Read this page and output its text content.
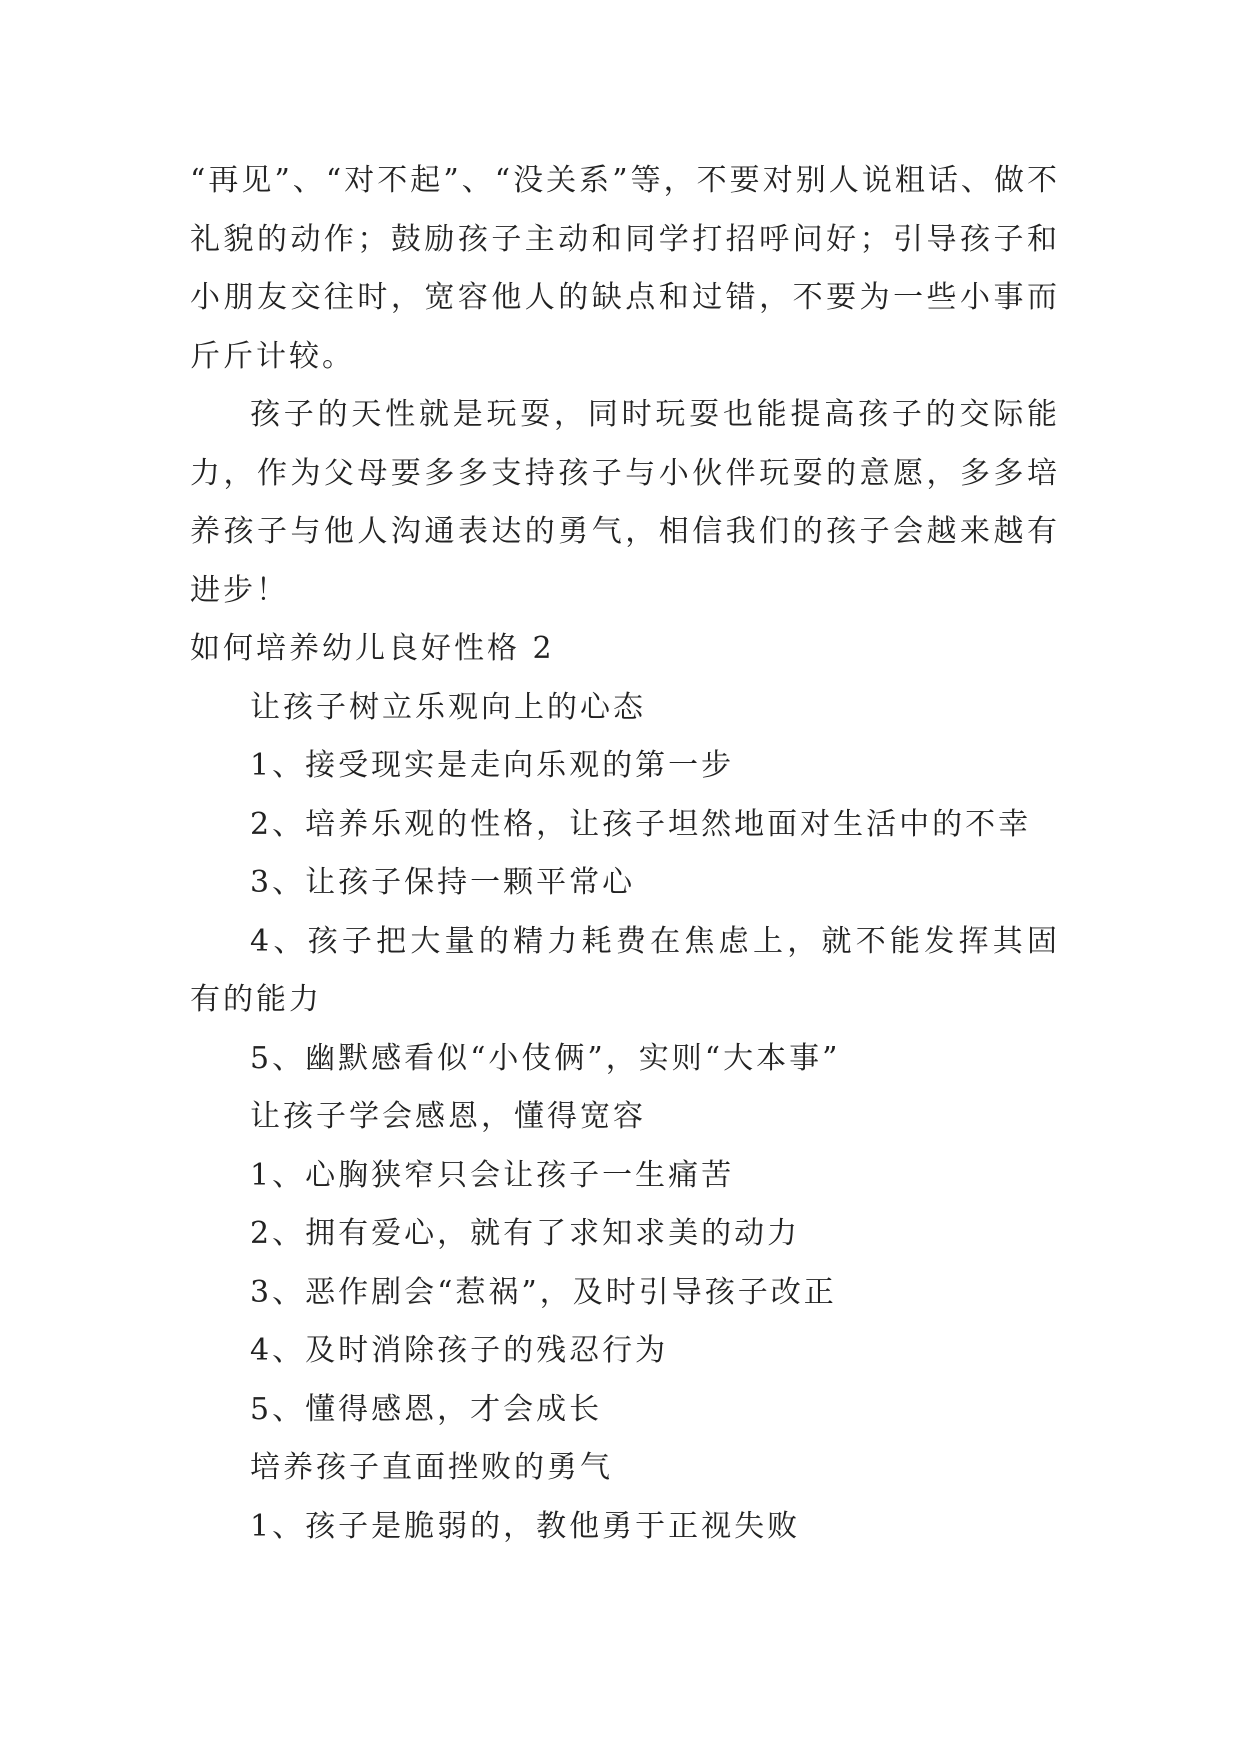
“再见”、“对不起”、“没关系”等，不要对别人说粗话、做不礼貌的动作；鼓励孩子主动和同学打招呼问好；引导孩子和小朋友交往时，宽容他人的缺点和过错，不要为一些小事而斤斤计较。

孩子的天性就是玩耍，同时玩耍也能提高孩子的交际能力，作为父母要多多支持孩子与小伙伴玩耍的意愿，多多培养孩子与他人沟通表达的勇气，相信我们的孩子会越来越有进步！

如何培养幼儿良好性格 2

让孩子树立乐观向上的心态

1、接受现实是走向乐观的第一步

2、培养乐观的性格，让孩子坦然地面对生活中的不幸

3、让孩子保持一颗平常心

4、孩子把大量的精力耗费在焦虑上，就不能发挥其固有的能力

5、幽默感看似“小伎俩”，实则“大本事”

让孩子学会感恩，懂得宽容

1、心胸狭窄只会让孩子一生痛苦

2、拥有爱心，就有了求知求美的动力

3、恶作剧会“惹祸”，及时引导孩子改正

4、及时消除孩子的残忍行为

5、懂得感恩，才会成长

培养孩子直面挫败的勇气

1、孩子是脆弱的，教他勇于正视失败
